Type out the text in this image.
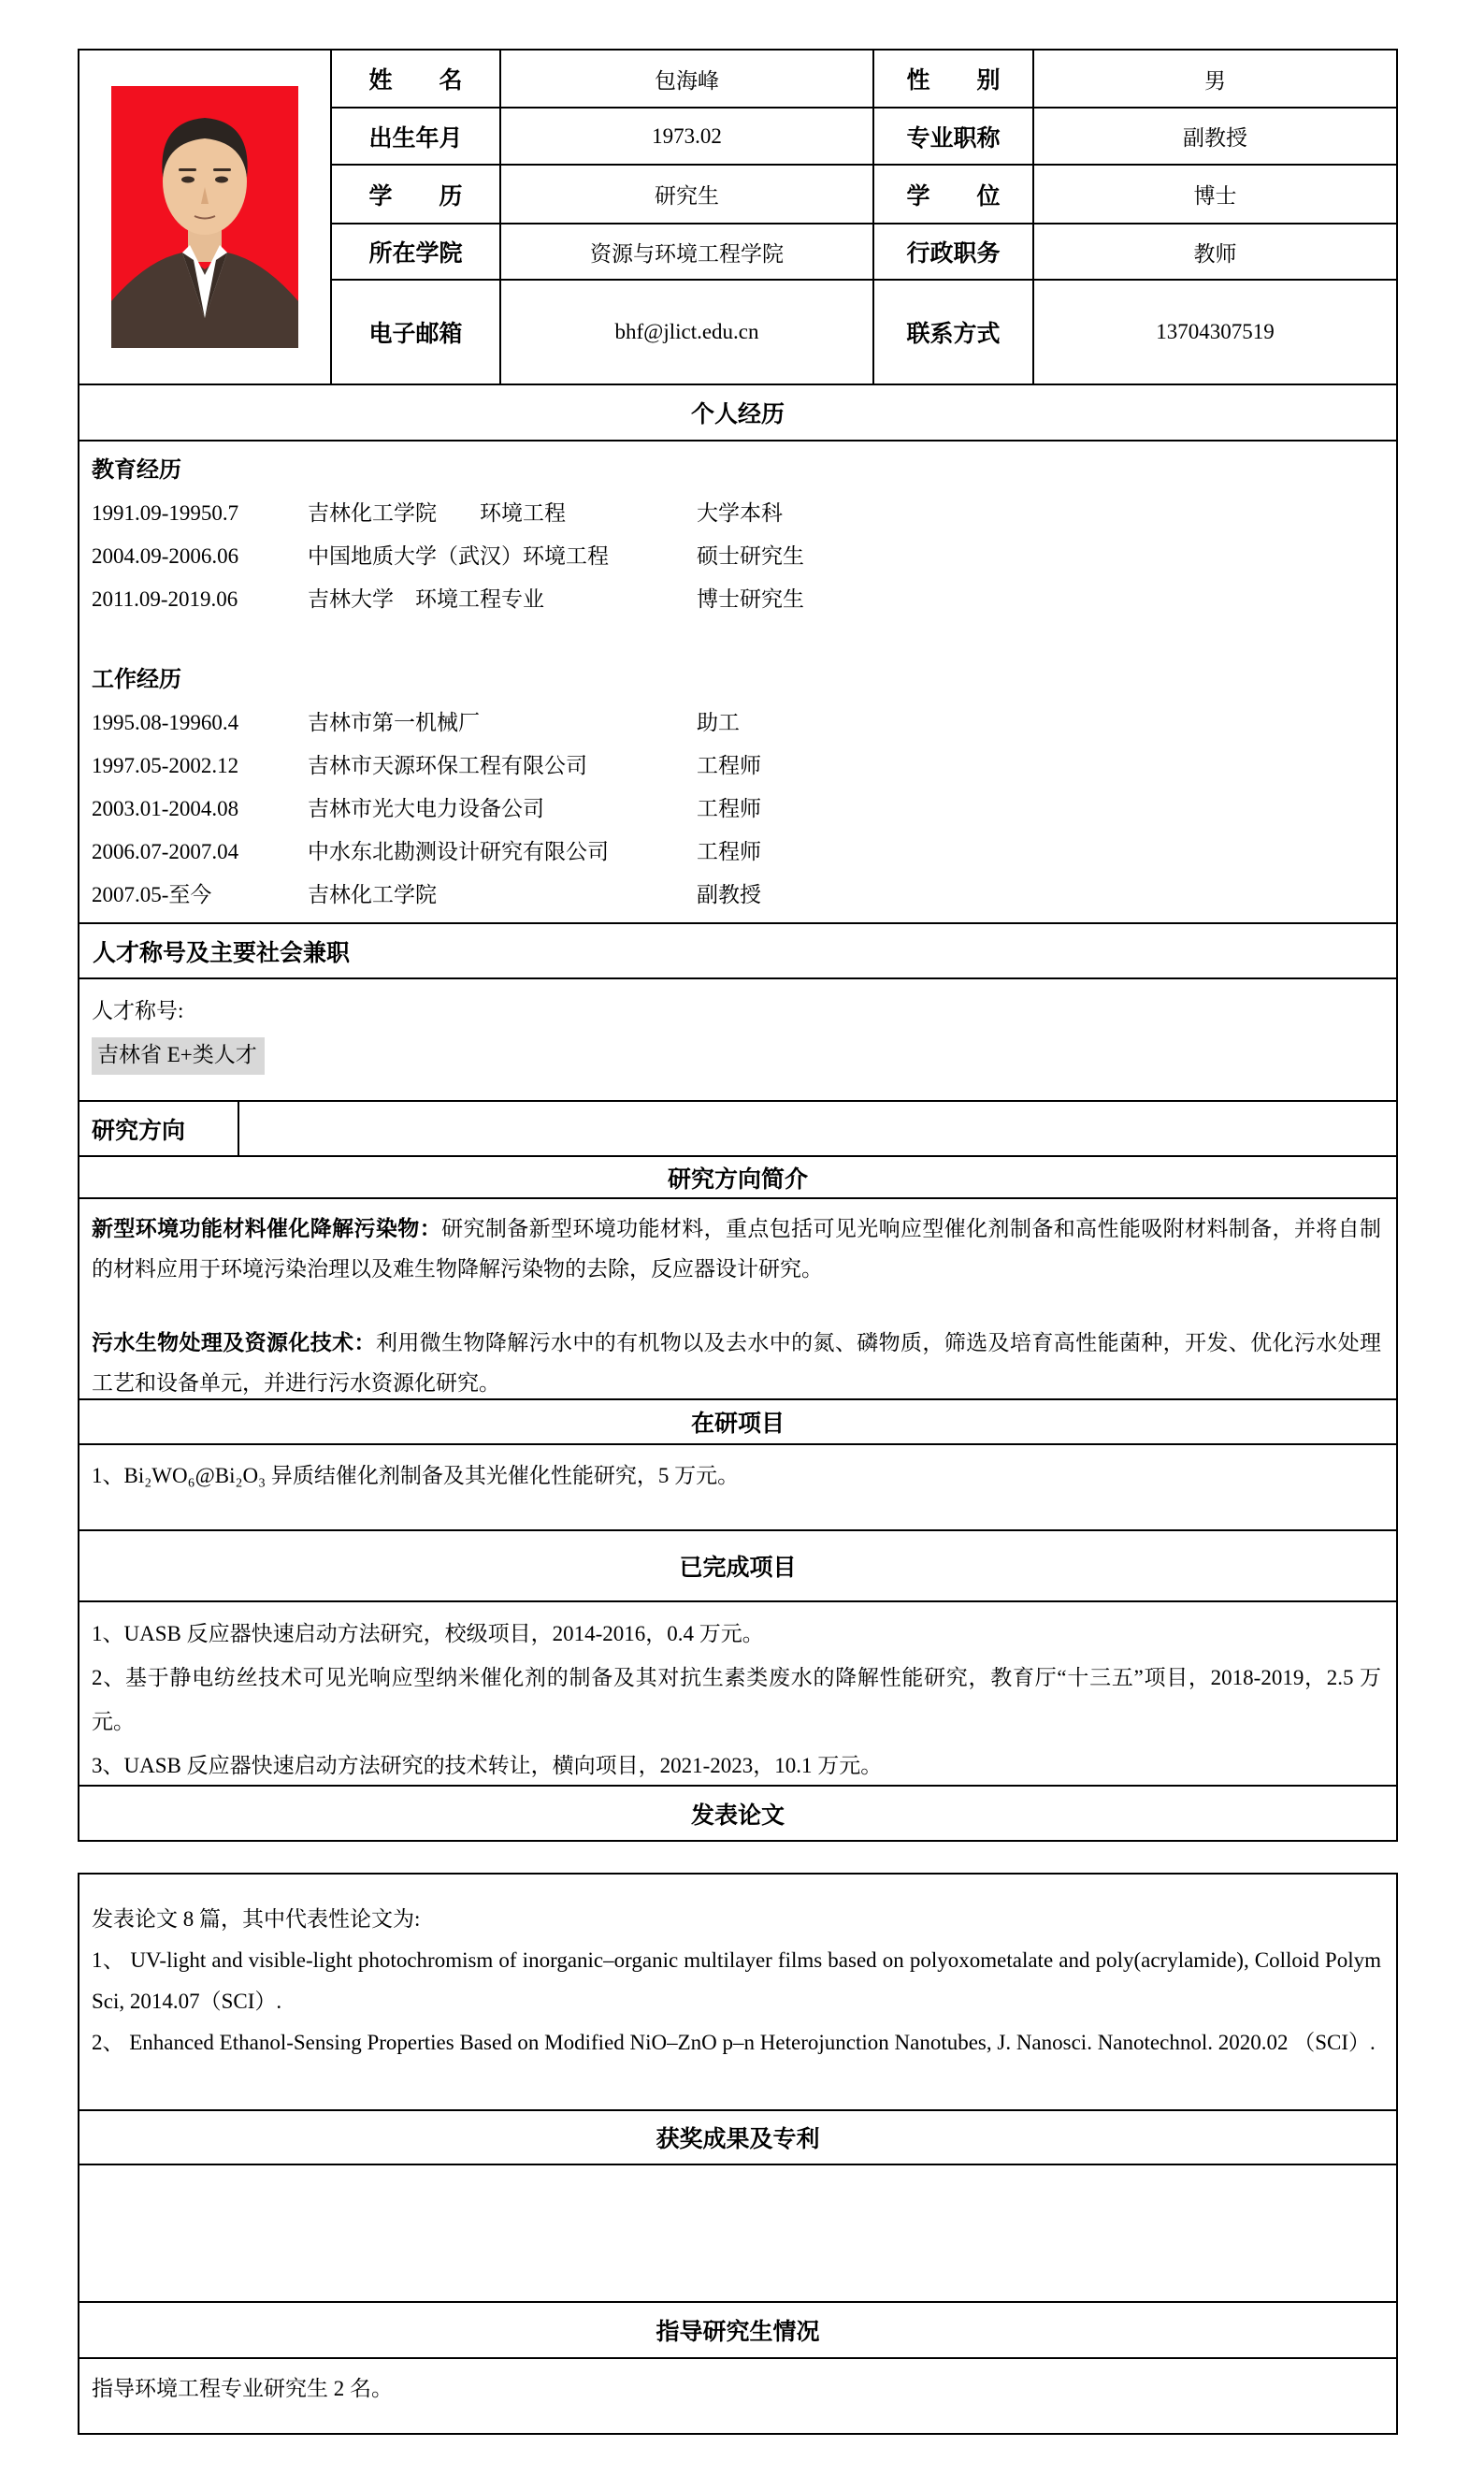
姓　　名	包海峰	性　　别	男
出生年月	1973.02	专业职称	副教授
学　　历	研究生	学　　位	博士
所在学院	资源与环境工程学院	行政职务	教师
电子邮箱	bhf@jlict.edu.cn	联系方式	13704307519
个人经历
教育经历
1991.09-19950.7	吉林化工学院　　环境工程	大学本科
2004.09-2006.06	中国地质大学（武汉）环境工程	硕士研究生
2011.09-2019.06	吉林大学　环境工程专业	博士研究生
工作经历
1995.08-19960.4	吉林市第一机械厂	助工
1997.05-2002.12	吉林市天源环保工程有限公司	工程师
2003.01-2004.08	吉林市光大电力设备公司	工程师
2006.07-2007.04	中水东北勘测设计研究有限公司	工程师
2007.05-至今	吉林化工学院	副教授
人才称号及主要社会兼职
人才称号:
吉林省 E+类人才
研究方向
研究方向简介

新型环境功能材料催化降解污染物：研究制备新型环境功能材料，重点包括可见光响应型催化剂制备和高性能吸附材料制备，并将自制的材料应用于环境污染治理以及难生物降解污染物的去除，反应器设计研究。

污水生物处理及资源化技术：利用微生物降解污水中的有机物以及去水中的氮、磷物质，筛选及培育高性能菌种，开发、优化污水处理工艺和设备单元，并进行污水资源化研究。

在研项目

1、Bi₂WO₆@Bi₂O₃ 异质结催化剂制备及其光催化性能研究，5 万元。

已完成项目

1、UASB 反应器快速启动方法研究，校级项目，2014-2016，0.4 万元。

2、基于静电纺丝技术可见光响应型纳米催化剂的制备及其对抗生素类废水的降解性能研究，教育厅“十三五”项目，2018-2019，2.5 万元。

3、UASB 反应器快速启动方法研究的技术转让，横向项目，2021-2023，10.1 万元。

发表论文

发表论文 8 篇，其中代表性论文为:

1、 UV-light and visible-light photochromism of inorganic–organic multilayer films based on polyoxometalate and poly(acrylamide), Colloid Polym Sci, 2014.07（SCI）.

2、 Enhanced Ethanol-Sensing Properties Based on Modified NiO–ZnO p–n Heterojunction Nanotubes, J. Nanosci. Nanotechnol. 2020.02 （SCI）.

获奖成果及专利
指导研究生情况
指导环境工程专业研究生 2 名。
